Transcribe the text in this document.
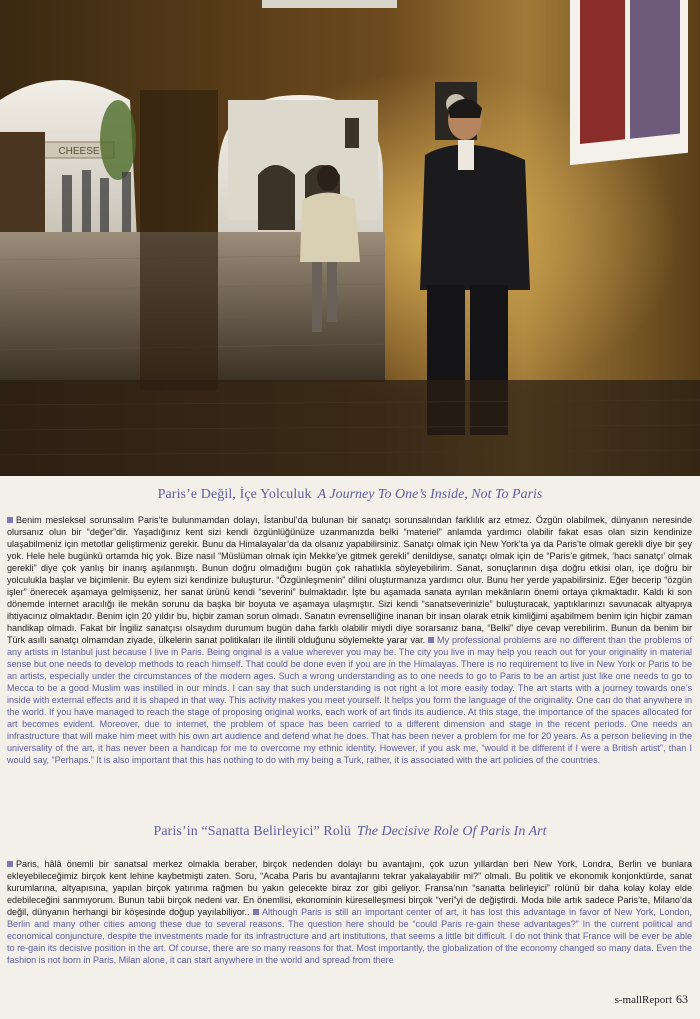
CHEESE
Paris’e Değil, İçe Yolculuk A Journey To One’s Inside, Not To Paris

Benim mesleksel sorunsalım Paris’te bulunmamdan dolayı, İstanbul’da bulunan bir sanatçı sorunsalından farklılık arz etmez. Özgün olabilmek, dünyanın neresinde olursanız olun bir “değer”dir. Yaşadığınız kent sizi kendi özgünlüğünüze uzanmanızda belki “materiel” anlamda yardımcı olabilir fakat esas olan sizin kendinize ulaşabilmeniz için metotlar geliştirmeniz gerekir. Bunu da Himalayalar’da da olsanız yapabilirsiniz. Sanatçı olmak için New York’ta ya da Paris’te olmak gerekli diye bir şey yok. Hele hele bugünkü ortamda hiç yok. Bize nasıl “Müslüman olmak için Mekke’ye gitmek gerekli” denildiyse, sanatçı olmak için de “Paris’e gitmek, ‘hacı sanatçı’ olmak gerekli” diye çok yanlış bir inanış aşılanmıştı. Bunun doğru olmadığını bugün çok rahatlıkla söyleyebilirim. Sanat, sonuçlarının dışa doğru etkisi olan, içe doğru bir yolculukla başlar ve biçimlenir. Bu eylem sizi kendinize buluşturur. “Özgünleşmenin” dilini oluşturmanıza yardımcı olur. Bunu her yerde yapabilirsiniz. Eğer becerip “özgün işler” önerecek aşamaya gelmişseniz, her sanat ürünü kendi “severini” bulmaktadır. İşte bu aşamada sanata ayrılan mekânların önemi ortaya çıkmaktadır. Kaldı ki son dönemde internet aracılığı ile mekân sorunu da başka bir boyuta ve aşamaya ulaşmıştır. Sizi kendi “sanatseverinizle” buluşturacak, yaptıklarınızı savunacak altyapıya ihtiyacınız olmaktadır. Benim için 20 yıldır bu, hiçbir zaman sorun olmadı. Sanatın evrenselliğine inanan bir insan olarak etnik kimliğimi aşabilmem benim için hiçbir zaman handikap olmadı. Fakat bir İngiliz sanatçısı olsaydım durumum bugün daha farklı olabilir miydi diye sorarsanız bana, “Belki” diye cevap verebilirim. Bunun da benim bir Türk asıllı sanatçı olmamdan ziyade, ülkelerin sanat politikaları ile ilintili olduğunu söylemekte yarar var. My professional problems are no different than the problems of any artists in Istanbul just because I live in Paris. Being original is a value wherever you may be. The city you live in may help you reach out for your originality in material sense but one needs to develop methods to reach himself. That could be done even if you are in the Himalayas. There is no requirement to live in New York or Paris to be an artists, especially under the circumstances of the modern ages. Such a wrong understanding as to one needs to go to Paris to be an artist just like one needs to go to Mecca to be a good Muslim was instilled in our minds. I can say that such understanding is not right a lot more easily today. The art starts with a journey towards one’s inside with external effects and it is shaped in that way. This activity makes you meet yourself. It helps you form the language of the originality. One can do that anywhere in the world. If you have managed to reach the stage of proposing original works, each work of art finds its audience. At this stage, the importance of the spaces allocated for art becomes evident. Moreover, due to internet, the problem of space has been carried to a different dimension and stage in the recent periods. One needs an infrastructure that will make him meet with his own art audience and defend what he does. That has been never a problem for me for 20 years. As a person believing in the universality of the art, it has never been a handicap for me to overcome my ethnic identity. However, if you ask me, “would it be different if I were a British artist”, than I would say, “Perhaps.” It is also important that this has nothing to do with my being a Turk, rather, it is associated with the art policies of the countries.

Paris’in “Sanatta Belirleyici” Rolü The Decisive Role Of Paris In Art

Paris, hâlâ önemli bir sanatsal merkez olmakla beraber, birçok nedenden dolayı bu avantajını, çok uzun yıllardan beri New York, Londra, Berlin ve bunlara ekleyebileceğimiz birçok kent lehine kaybetmişti zaten. Soru, “Acaba Paris bu avantajlarını tekrar yakalayabilir mi?” olmalı. Bu politik ve ekonomik konjonktürde, sanat kurumlarına, altyapısına, yapılan birçok yatırıma rağmen bu yakın gelecekte biraz zor gibi geliyor. Fransa’nın “sanatta belirleyici” rolünü bir daha kolay kolay elde edebileceğini sanmıyorum. Bunun tabii birçok nedeni var. En önemlisi, ekonominin küreselleşmesi birçok “veri”yi de değiştirdi. Moda bile artık sadece Paris’te, Milano’da değil, dünyanın herhangi bir köşesinde doğup yayılabiliyor.. Although Paris is still an important center of art, it has lost this advantage in favor of New York, London, Berlin and many other cities among these due to several reasons. The question here should be “could Paris re-gain these advantages?” In the current political and economical conjuncture, despite the investments made for its infrastructure and art institutions, that seems a little bit difficult. I do not think that France will be ever be able to re-gain its decisive position in the art. Of course, there are so many reasons for that. Most importantly, the globalization of the economy changed so many data. Even the fashion is not born in Paris, Milan alone, it can start anywhere in the world and spread from there

s-mallReport 63
